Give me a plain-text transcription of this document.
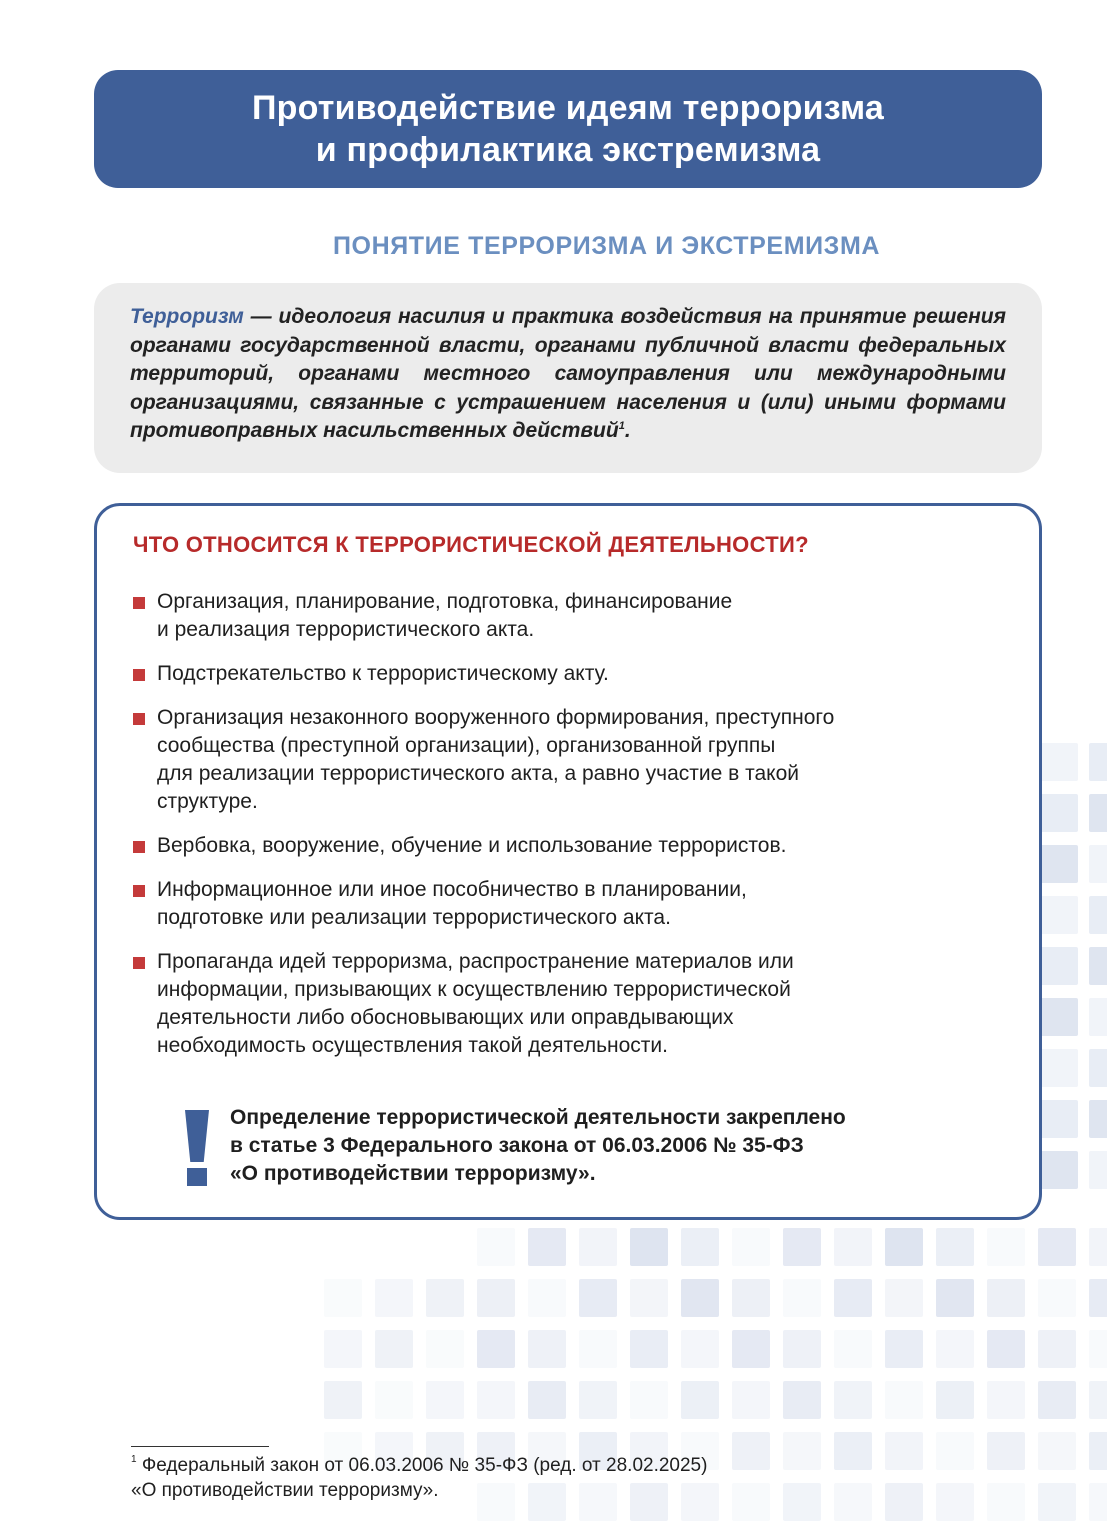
Противодействие идеям терроризма
и профилактика экстремизма
ПОНЯТИЕ ТЕРРОРИЗМА И ЭКСТРЕМИЗМА

Терроризм — идеология насилия и практика воздействия на принятие решения органами государственной власти, органами публичной власти федеральных территорий, органами местного самоуправления или международными организациями, связанные с устрашением населения и (или) иными формами противоправных насильственных действий$^1$.

ЧТО ОТНОСИТСЯ К ТЕРРОРИСТИЧЕСКОЙ ДЕЯТЕЛЬНОСТИ?
Организация, планирование, подготовка, финансирование
и реализация террористического акта.
Подстрекательство к террористическому акту.
Организация незаконного вооруженного формирования, преступного
сообщества (преступной организации), организованной группы
для реализации террористического акта, а равно участие в такой
структуре.
Вербовка, вооружение, обучение и использование террористов.
Информационное или иное пособничество в планировании,
подготовке или реализации террористического акта.
Пропаганда идей терроризма, распространение материалов или
информации, призывающих к осуществлению террористической
деятельности либо обосновывающих или оправдывающих
необходимость осуществления такой деятельности.
Определение террористической деятельности закреплено
в статье 3 Федерального закона от 06.03.2006 № 35-ФЗ
«О противодействии терроризму».
$^1$ Федеральный закон от 06.03.2006 № 35-ФЗ (ред. от 28.02.2025)
«О противодействии терроризму».
